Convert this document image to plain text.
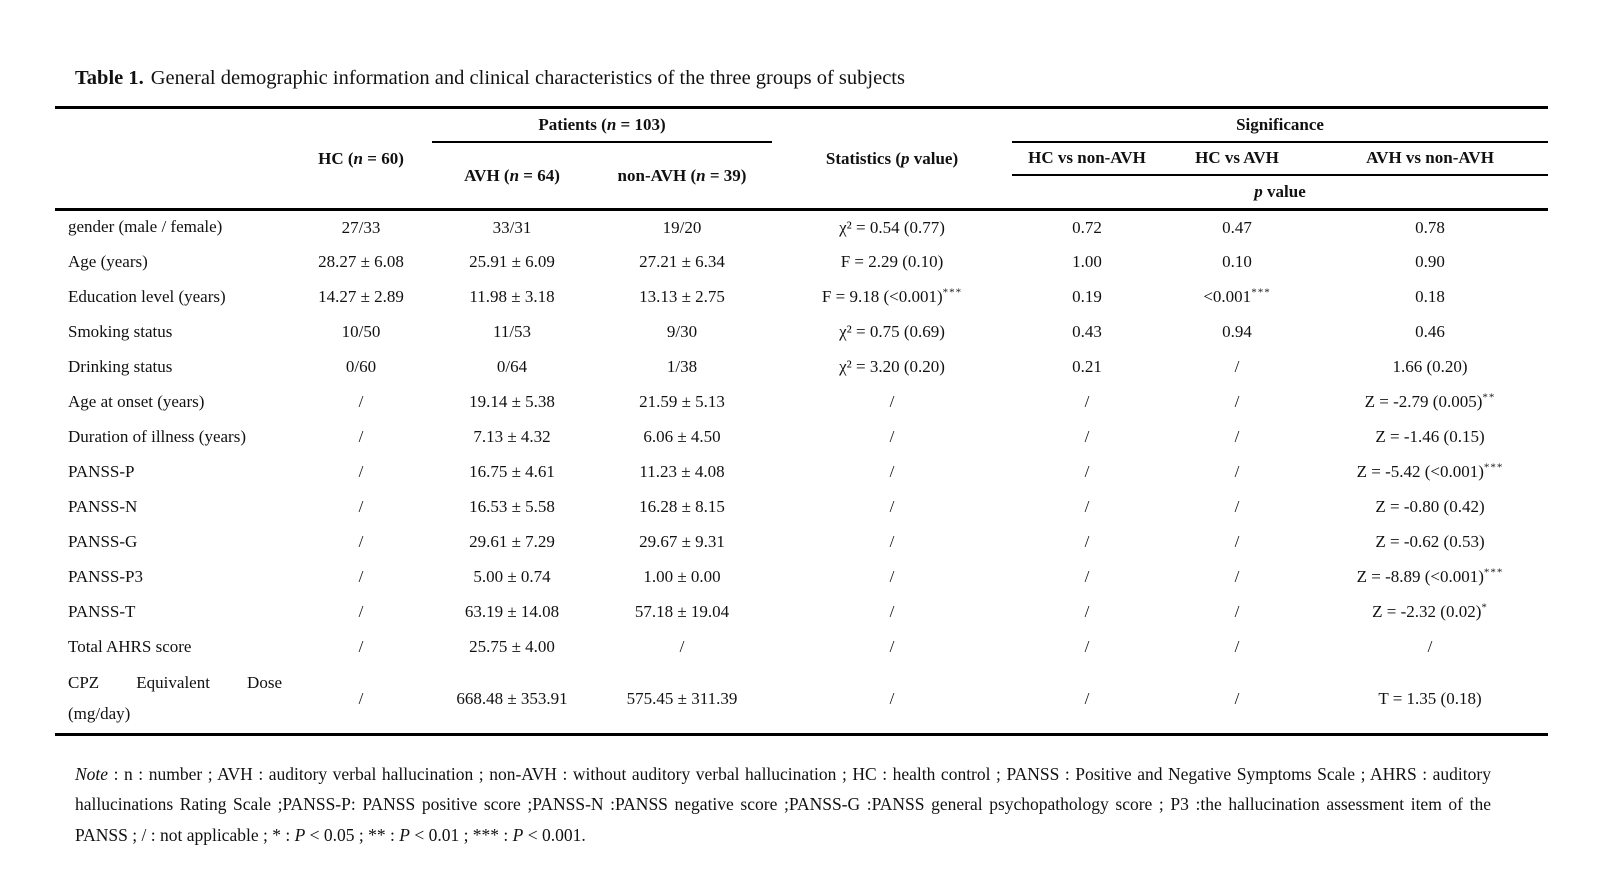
Table 1. General demographic information and clinical characteristics of the three groups of subjects
	HC (n = 60)	Patients (n = 103)		Statistics (p value)	Significance		
		AVH (n = 64)	non-AVH (n = 39)		HC vs non-AVH	HC vs AVH	AVH vs non-AVH
					p value		
gender (male / female)	27/33	33/31	19/20	χ² = 0.54 (0.77)	0.72	0.47	0.78
Age (years)	28.27 ± 6.08	25.91 ± 6.09	27.21 ± 6.34	F = 2.29 (0.10)	1.00	0.10	0.90
Education level (years)	14.27 ± 2.89	11.98 ± 3.18	13.13 ± 2.75	F = 9.18 (<0.001)***	0.19	<0.001***	0.18
Smoking status	10/50	11/53	9/30	χ² = 0.75 (0.69)	0.43	0.94	0.46
Drinking status	0/60	0/64	1/38	χ² = 3.20 (0.20)	0.21	/	1.66 (0.20)
Age at onset (years)	/	19.14 ± 5.38	21.59 ± 5.13	/	/	/	Z = -2.79 (0.005)**
Duration of illness (years)	/	7.13 ± 4.32	6.06 ± 4.50	/	/	/	Z = -1.46 (0.15)
PANSS-P	/	16.75 ± 4.61	11.23 ± 4.08	/	/	/	Z = -5.42 (<0.001)***
PANSS-N	/	16.53 ± 5.58	16.28 ± 8.15	/	/	/	Z = -0.80 (0.42)
PANSS-G	/	29.61 ± 7.29	29.67 ± 9.31	/	/	/	Z = -0.62 (0.53)
PANSS-P3	/	5.00 ± 0.74	1.00 ± 0.00	/	/	/	Z = -8.89 (<0.001)***
PANSS-T	/	63.19 ± 14.08	57.18 ± 19.04	/	/	/	Z = -2.32 (0.02)*
Total AHRS score	/	25.75 ± 4.00	/	/	/	/	/
CPZ Equivalent Dose (mg/day)	/	668.48 ± 353.91	575.45 ± 311.39	/	/	/	T = 1.35 (0.18)

Note : n : number ; AVH : auditory verbal hallucination ; non-AVH : without auditory verbal hallucination ; HC : health control ; PANSS : Positive and Negative Symptoms Scale ; AHRS : auditory hallucinations Rating Scale ;PANSS-P: PANSS positive score ;PANSS-N :PANSS negative score ;PANSS-G :PANSS general psychopathology score ; P3 :the hallucination assessment item of the PANSS ; / : not applicable ; * : P < 0.05 ; ** : P < 0.01 ; *** : P < 0.001.
